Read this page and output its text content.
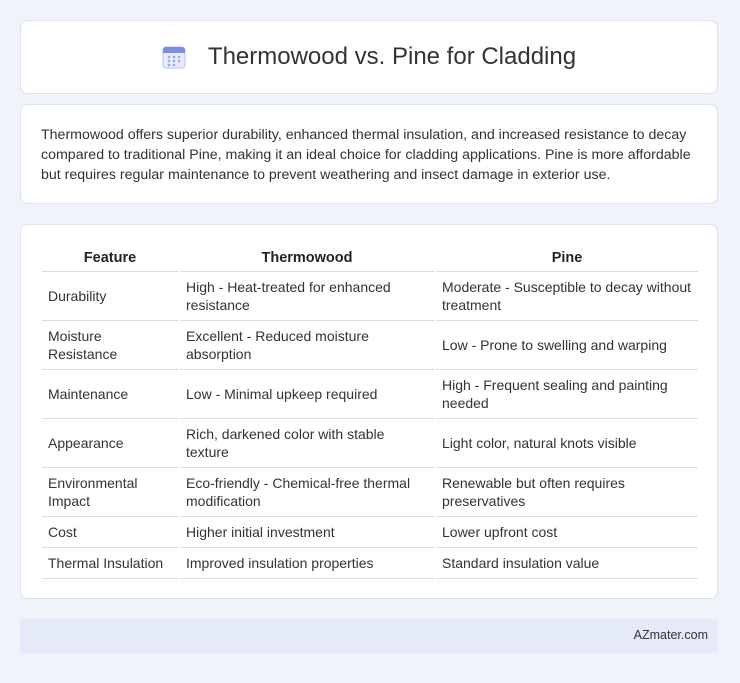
Thermowood vs. Pine for Cladding

Thermowood offers superior durability, enhanced thermal insulation, and increased resistance to decay compared to traditional Pine, making it an ideal choice for cladding applications. Pine is more affordable but requires regular maintenance to prevent weathering and insect damage in exterior use.

Feature	Thermowood	Pine
Durability	High - Heat-treated for enhanced resistance	Moderate - Susceptible to decay without treatment
Moisture Resistance	Excellent - Reduced moisture absorption	Low - Prone to swelling and warping
Maintenance	Low - Minimal upkeep required	High - Frequent sealing and painting needed
Appearance	Rich, darkened color with stable texture	Light color, natural knots visible
Environmental Impact	Eco-friendly - Chemical-free thermal modification	Renewable but often requires preservatives
Cost	Higher initial investment	Lower upfront cost
Thermal Insulation	Improved insulation properties	Standard insulation value
AZmater.com
